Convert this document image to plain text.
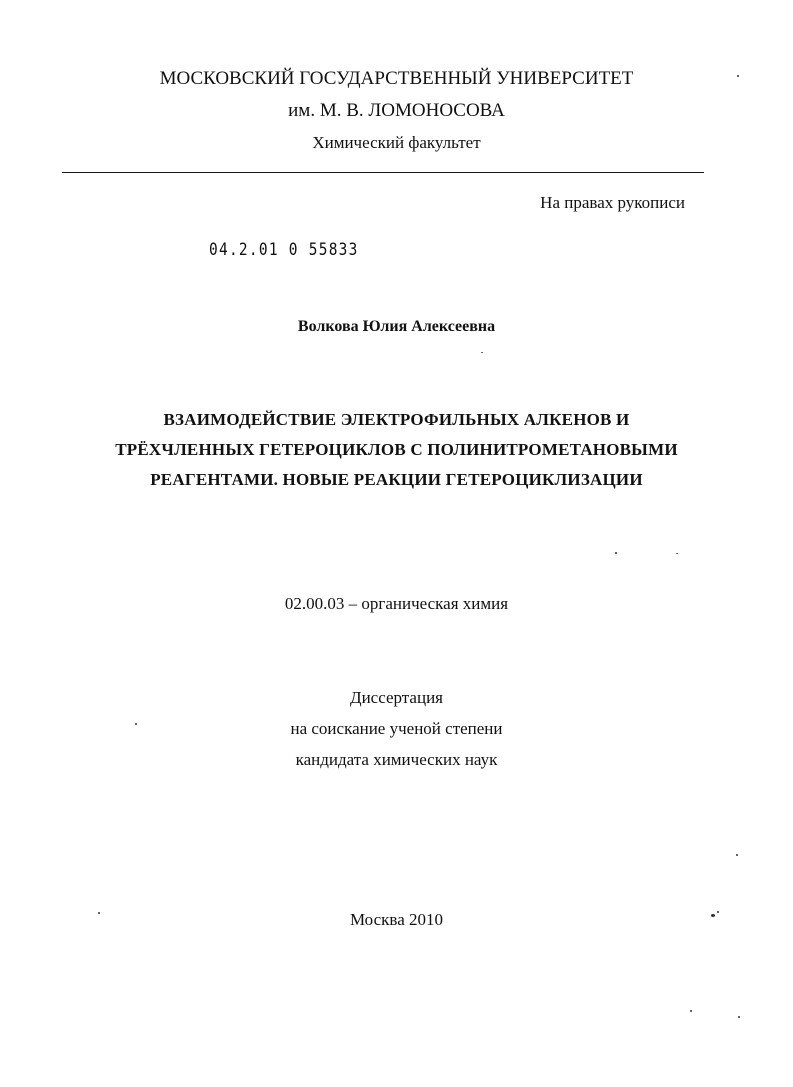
МОСКОВСКИЙ ГОСУДАРСТВЕННЫЙ УНИВЕРСИТЕТ
им. М. В. ЛОМОНОСОВА
Химический факультет
На правах рукописи
04.2.01 0 55833
Волкова Юлия Алексеевна
ВЗАИМОДЕЙСТВИЕ ЭЛЕКТРОФИЛЬНЫХ АЛКЕНОВ И
ТРЁХЧЛЕННЫХ ГЕТЕРОЦИКЛОВ С ПОЛИНИТРОМЕТАНОВЫМИ
РЕАГЕНТАМИ. НОВЫЕ РЕАКЦИИ ГЕТЕРОЦИКЛИЗАЦИИ
02.00.03 – органическая химия
Диссертация
на соискание ученой степени
кандидата химических наук
Москва 2010
